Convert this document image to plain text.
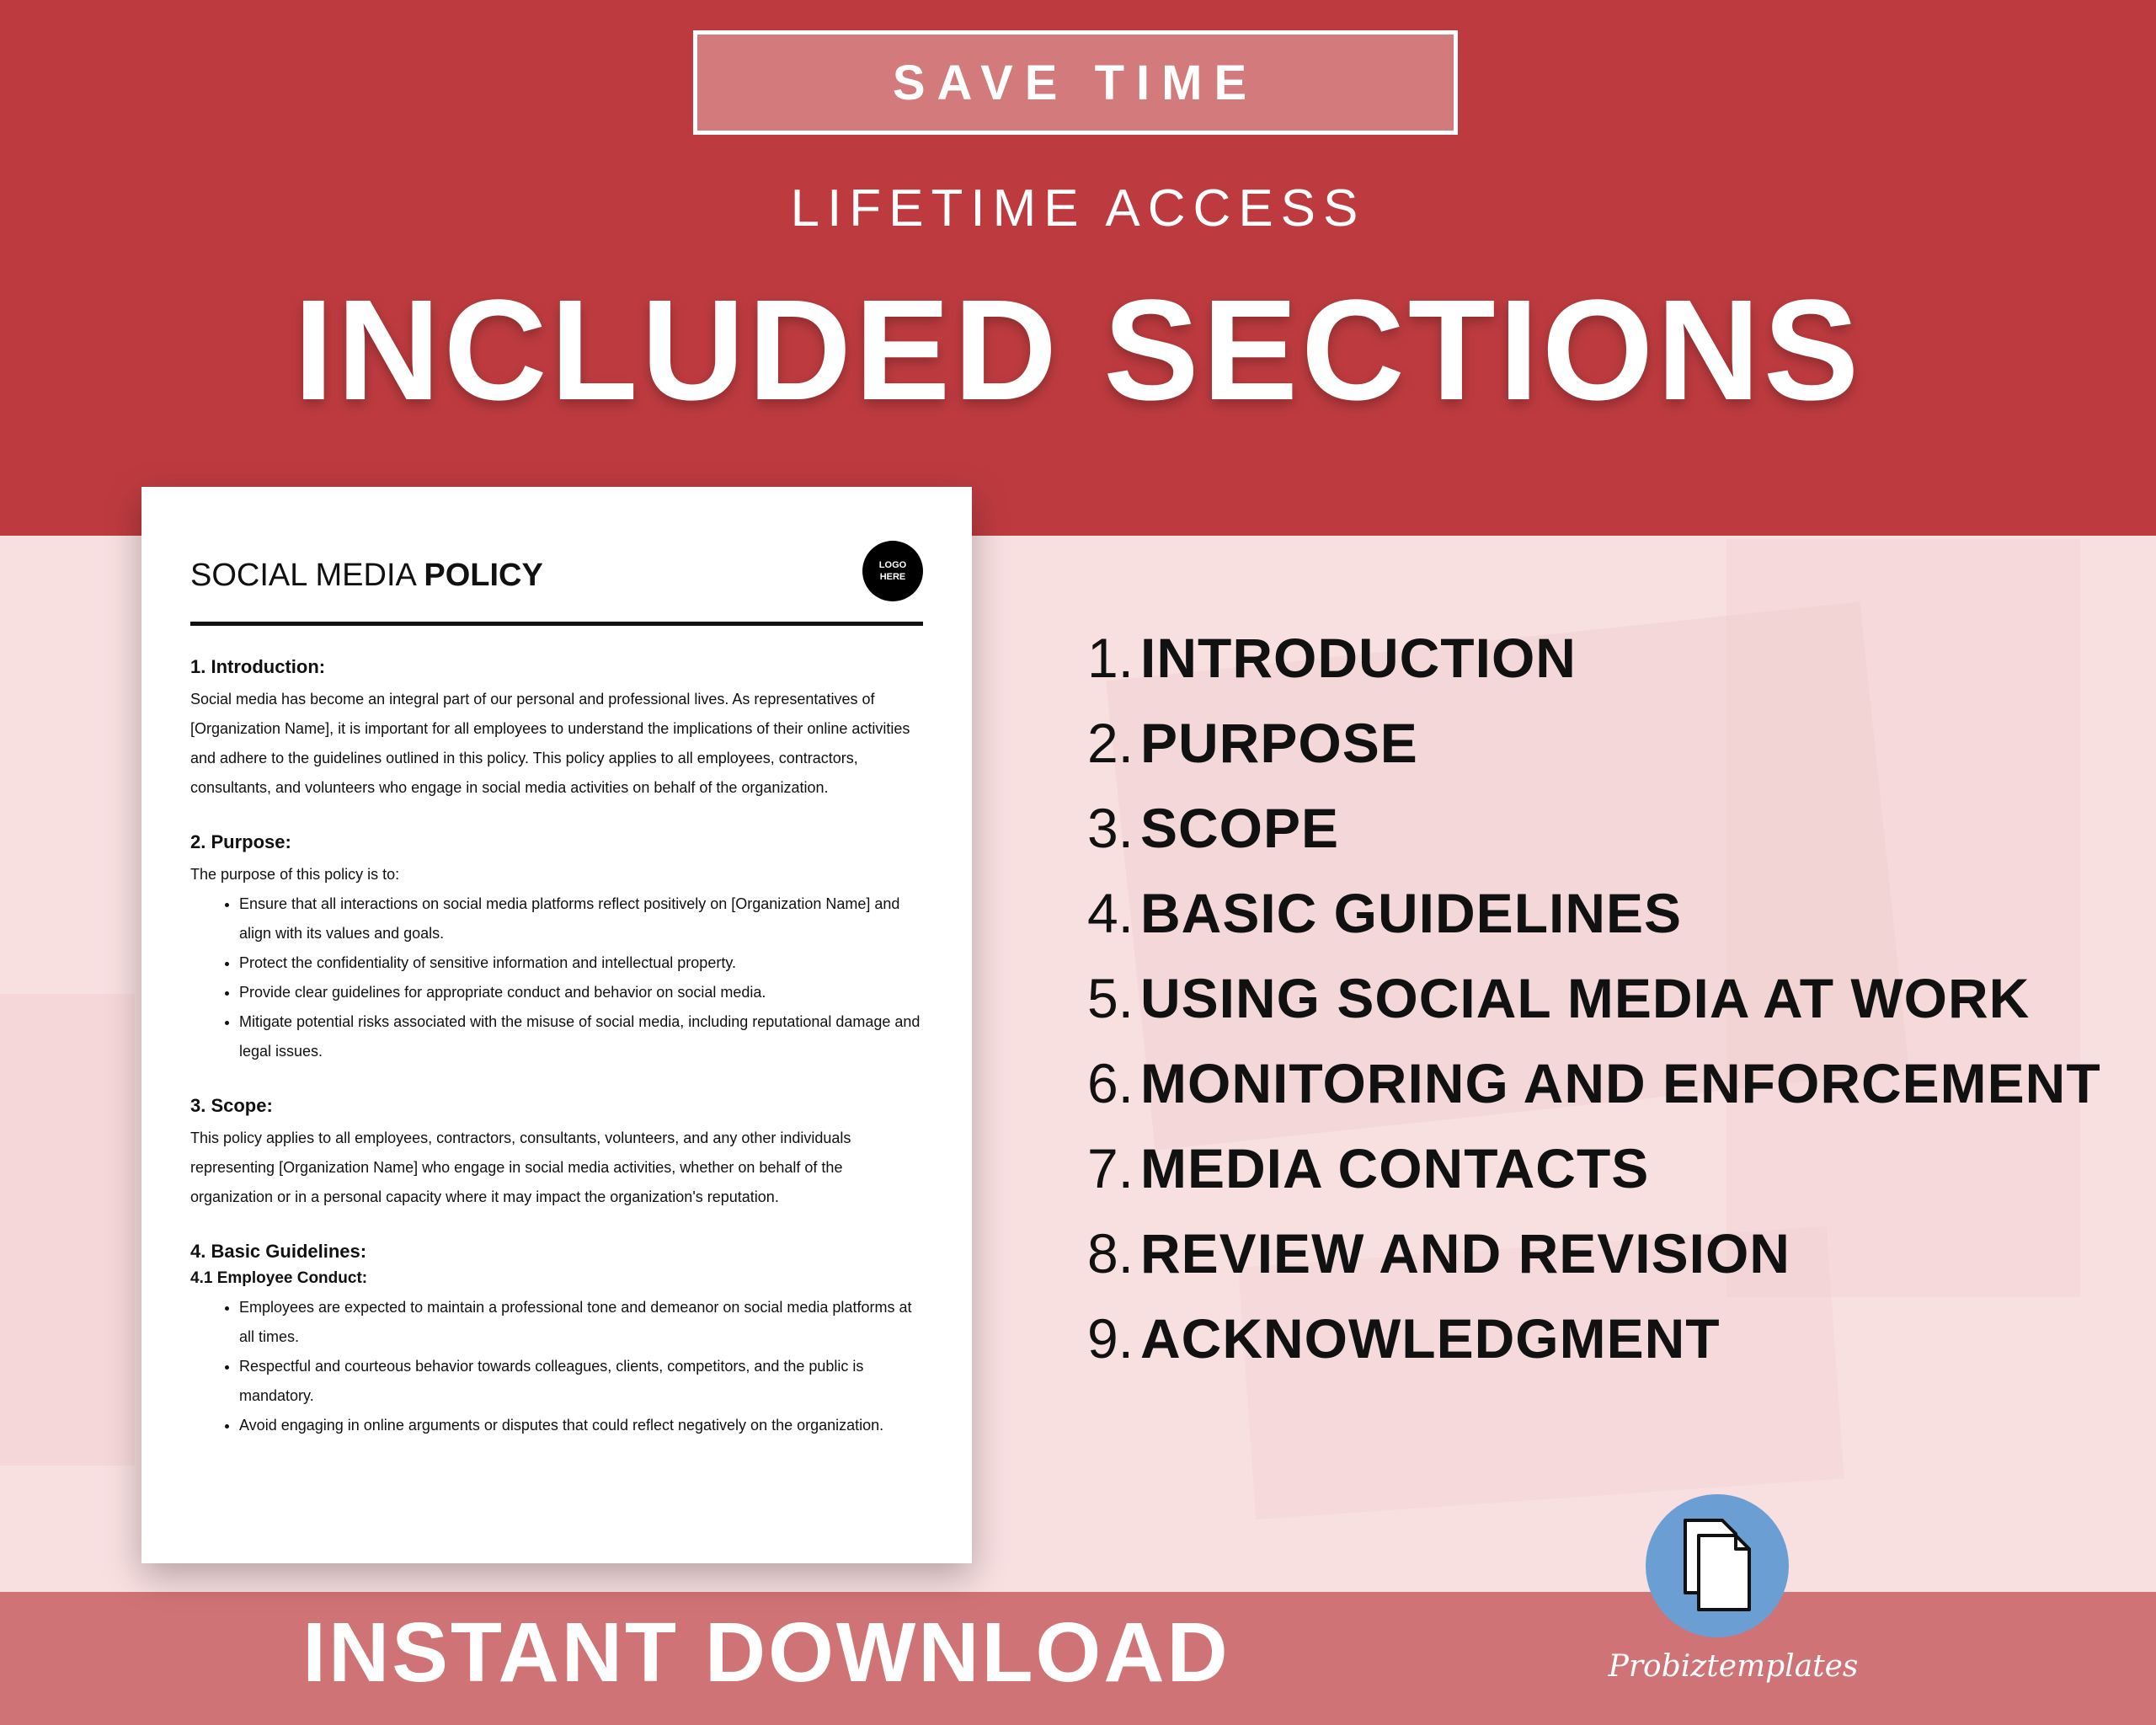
SAVE TIME
LIFETIME ACCESS
INCLUDED SECTIONS
SOCIAL MEDIA POLICY	LOGO
HERE
1. Introduction:
Social media has become an integral part of our personal and professional lives. As representatives of [Organization Name], it is important for all employees to understand the implications of their online activities and adhere to the guidelines outlined in this policy. This policy applies to all employees, contractors, consultants, and volunteers who engage in social media activities on behalf of the organization.
2. Purpose:
The purpose of this policy is to:
• Ensure that all interactions on social media platforms reflect positively on [Organization Name] and align with its values and goals.
• Protect the confidentiality of sensitive information and intellectual property.
• Provide clear guidelines for appropriate conduct and behavior on social media.
• Mitigate potential risks associated with the misuse of social media, including reputational damage and legal issues.
3. Scope:
This policy applies to all employees, contractors, consultants, volunteers, and any other individuals representing [Organization Name] who engage in social media activities, whether on behalf of the organization or in a personal capacity where it may impact the organization's reputation.
4. Basic Guidelines:
4.1 Employee Conduct:
• Employees are expected to maintain a professional tone and demeanor on social media platforms at all times.
• Respectful and courteous behavior towards colleagues, clients, competitors, and the public is mandatory.
• Avoid engaging in online arguments or disputes that could reflect negatively on the organization.
1. INTRODUCTION
2. PURPOSE
3. SCOPE
4. BASIC GUIDELINES
5. USING SOCIAL MEDIA AT WORK
6. MONITORING AND ENFORCEMENT
7. MEDIA CONTACTS
8. REVIEW AND REVISION
9. ACKNOWLEDGMENT
INSTANT DOWNLOAD	Probiztemplates
